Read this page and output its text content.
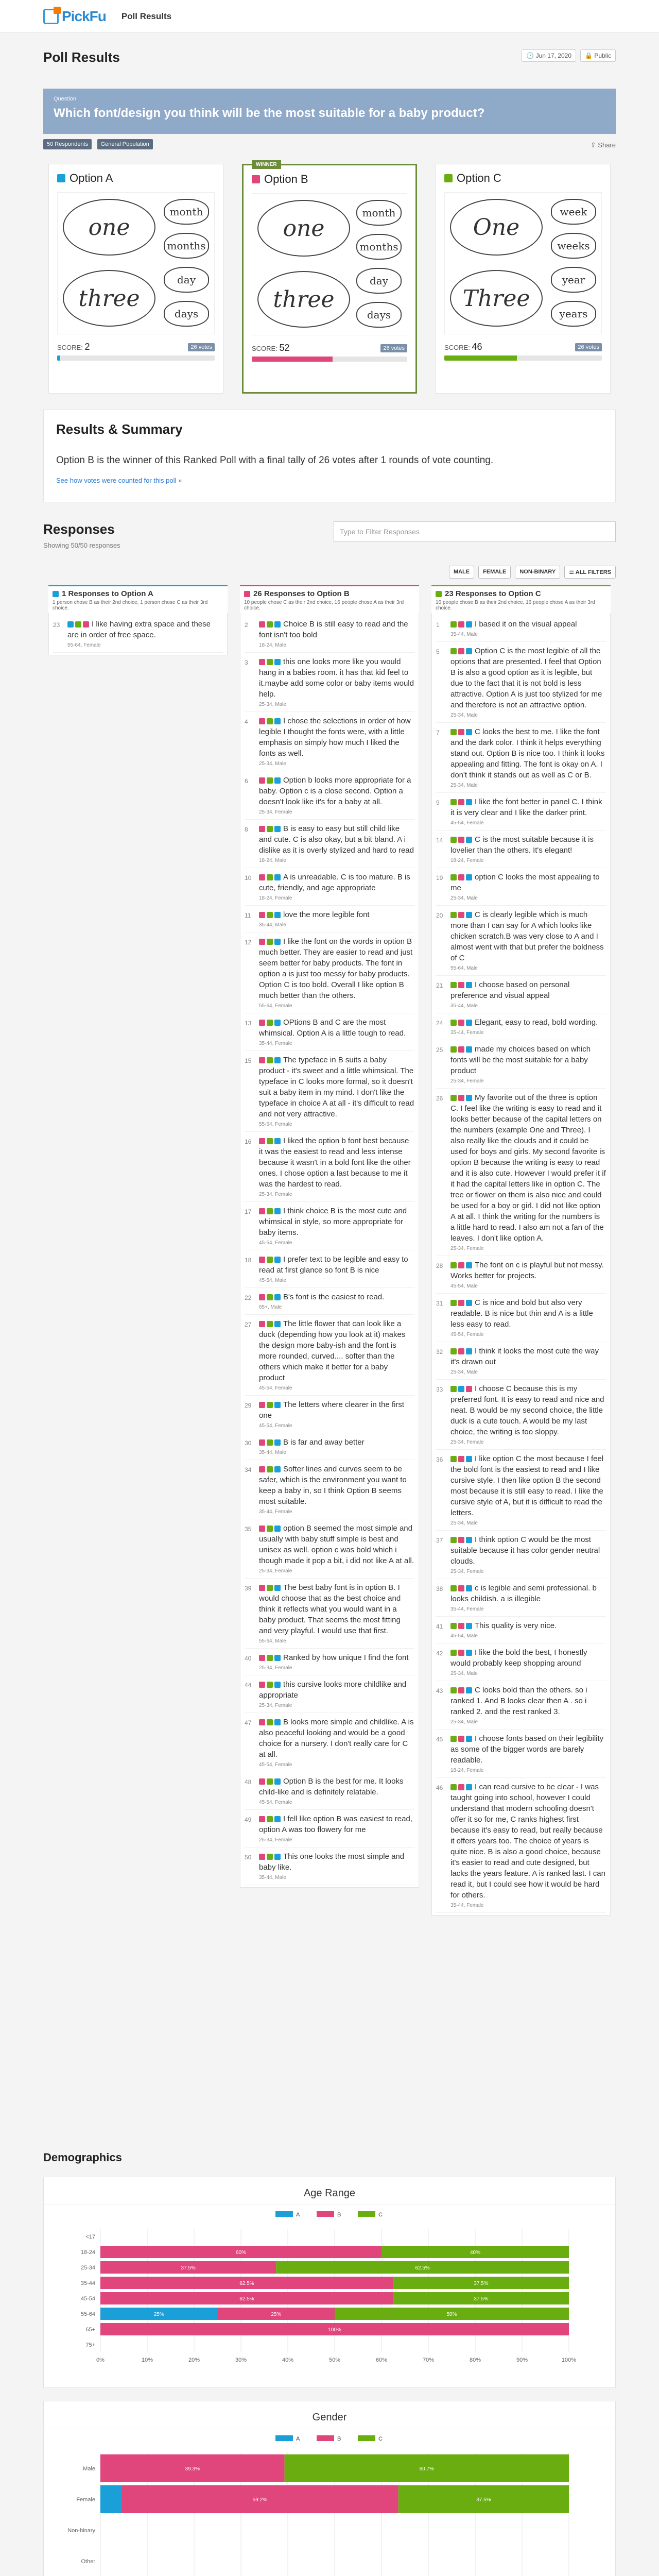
PickFu Poll Results
Poll Results	🕑 Jun 17, 2020	🔒 Public
Question
Which font/design you think will be the most suitable for a baby product?
50 Respondents General Population	⇪ Share
Option A
one
three
month
months
day
days
SCORE: 2	26 votes
WINNER
Option B
one
three
month
months
day
days
SCORE: 52	26 votes
Option C
One
Three
week
weeks
year
years
SCORE: 46	26 votes
Results & Summary
Option B is the winner of this Ranked Poll with a final tally of 26 votes after 1 rounds of vote counting.
See how votes were counted for this poll »
Responses
Showing 50/50 responses
Type to Filter Responses
MALE	FEMALE	NON-BINARY	☰ ALL FILTERS
1 Responses to Option A
1 person chose B as their 2nd choice, 1 person chose C as their 3rd choice.
23	I like having extra space and these are in order of free space.
55-64, Female
26 Responses to Option B
10 people chose C as their 2nd choice, 16 people chose A as their 3rd choice.
2	Choice B is still easy to read and the font isn't too bold
18-24, Male
3	this one looks more like you would hang in a babies room. it has that kid feel to it.maybe add some color or baby items would help.
25-34, Male
4	I chose the selections in order of how legible I thought the fonts were, with a little emphasis on simply how much I liked the fonts as well.
25-34, Male
6	Option b looks more appropriate for a baby. Option c is a close second. Option a doesn't look like it's for a baby at all.
25-34, Female
8	B is easy to easy but still child like and cute. C is also okay, but a bit bland. A i dislike as it is overly stylized and hard to read
18-24, Male
10	A is unreadable. C is too mature. B is cute, friendly, and age appropriate
18-24, Female
11	love the more legible font
35-44, Male
12	I like the font on the words in option B much better. They are easier to read and just seem better for baby products. The font in option a is just too messy for baby products. Option C is too bold. Overall I like option B much better than the others.
55-64, Female
13	OPtions B and C are the most whimsical. Option A is a little tough to read.
35-44, Female
15	The typeface in B suits a baby product - it's sweet and a little whimsical. The typeface in C looks more formal, so it doesn't suit a baby item in my mind. I don't like the typeface in choice A at all - it's difficult to read and not very attractive.
55-64, Female
16	I liked the option b font best because it was the easiest to read and less intense because it wasn't in a bold font like the other ones. I chose option a last because to me it was the hardest to read.
25-34, Female
17	I think choice B is the most cute and whimsical in style, so more appropriate for baby items.
45-54, Female
18	I prefer text to be legible and easy to read at first glance so font B is nice
45-54, Male
22	B's font is the easiest to read.
65+, Male
27	The little flower that can look like a duck (depending how you look at it) makes the design more baby-ish and the font is more rounded, curved.... softer than the others which make it better for a baby product
45-54, Female
29	The letters where clearer in the first one
45-54, Female
30	B is far and away better
35-44, Male
34	Softer lines and curves seem to be safer, which is the environment you want to keep a baby in, so I think Option B seems most suitable.
35-44, Female
35	option B seemed the most simple and usually with baby stuff simple is best and unisex as well. option c was bold which i though made it pop a bit, i did not like A at all.
25-34, Female
39	The best baby font is in option B. I would choose that as the best choice and think it reflects what you would want in a baby product. That seems the most fitting and very playful. I would use that first.
55-64, Male
40	Ranked by how unique I find the font
25-34, Female
44	this cursive looks more childlike and appropriate
25-34, Female
47	B looks more simple and childlike. A is also peaceful looking and would be a good choice for a nursery. I don't really care for C at all.
45-54, Female
48	Option B is the best for me. It looks child-like and is definitely relatable.
45-54, Female
49	I fell like option B was easiest to read, option A was too flowery for me
25-34, Female
50	This one looks the most simple and baby like.
35-44, Male
23 Responses to Option C
16 people chose B as their 2nd choice, 16 people chose A as their 3rd choice.
1	I based it on the visual appeal
35-44, Male
5	Option C is the most legible of all the options that are presented. I feel that Option B is also a good option as it is legible, but due to the fact that it is not bold is less attractive. Option A is just too stylized for me and therefore is not an attractive option.
25-34, Male
7	C looks the best to me. I like the font and the dark color. I think it helps everything stand out. Option B is nice too. I think it looks appealing and fitting. The font is okay on A. I don't think it stands out as well as C or B.
25-34, Male
9	I like the font better in panel C. I think it is very clear and I like the darker print.
45-54, Female
14	C is the most suitable because it is lovelier than the others. It's elegant!
18-24, Female
19	option C looks the most appealing to me
25-34, Male
20	C is clearly legible which is much more than I can say for A which looks like chicken scratch.B was very close to A and I almost went with that but prefer the boldness of C
55-64, Male
21	I choose based on personal preference and visual appeal
35-44, Male
24	Elegant, easy to read, bold wording.
35-44, Female
25	made my choices based on which fonts will be the most suitable for a baby product
25-34, Female
26	My favorite out of the three is option C. I feel like the writing is easy to read and it looks better because of the capital letters on the numbers (example One and Three). I also really like the clouds and it could be used for boys and girls. My second favorite is option B because the writing is easy to read and it is also cute. However I would prefer it if it had the capital letters like in option C. The tree or flower on them is also nice and could be used for a boy or girl. I did not like option A at all. I think the writing for the numbers is a little hard to read. I also am not a fan of the leaves. I don't like option A.
25-34, Female
28	The font on c is playful but not messy. Works better for projects.
45-54, Male
31	C is nice and bold but also very readable. B is nice but thin and A is a little less easy to read.
45-54, Female
32	I think it looks the most cute the way it's drawn out
25-34, Male
33	I choose C because this is my preferred font. It is easy to read and nice and neat. B would be my second choice, the little duck is a cute touch. A would be my last choice, the writing is too sloppy.
25-34, Female
36	I like option C the most because I feel the bold font is the easiest to read and I like cursive style. I then like option B the second most because it is still easy to read. I like the cursive style of A, but it is difficult to read the letters.
25-34, Male
37	I think option C would be the most suitable because it has color gender neutral clouds.
25-34, Female
38	c is legible and semi professional. b looks childish. a is illegible
35-44, Female
41	This quality is very nice.
45-54, Male
42	I like the bold the best, I honestly would probably keep shopping around
25-34, Male
43	C looks bold than the others. so i ranked 1. And B looks clear then A . so i ranked 2. and the rest ranked 3.
25-34, Male
45	I choose fonts based on their legibility as some of the bigger words are barely readable.
18-24, Female
46	I can read cursive to be clear - I was taught going into school, however I could understand that modern schooling doesn't offer it so for me, C ranks highest first because it's easy to read, but really because it offers years too. The choice of years is quite nice. B is also a good choice, because it's easier to read and cute designed, but lacks the years feature. A is ranked last. I can read it, but I could see how it would be hard for others.
35-44, Female
Demographics
Age Range
A	B	C
0%	10%	20%	30%	40%	50%	60%	70%	80%	90%	100%
<17
18-24	60%	40%
25-34	37.5%	62.5%
35-44	62.5%	37.5%
45-54	62.5%	37.5%
55-64	25%	25%	50%
65+	100%
75+
Gender
A	B	C
Male	39.3%	60.7%
Female	59.2%	37.5%
Non-binary
Other
